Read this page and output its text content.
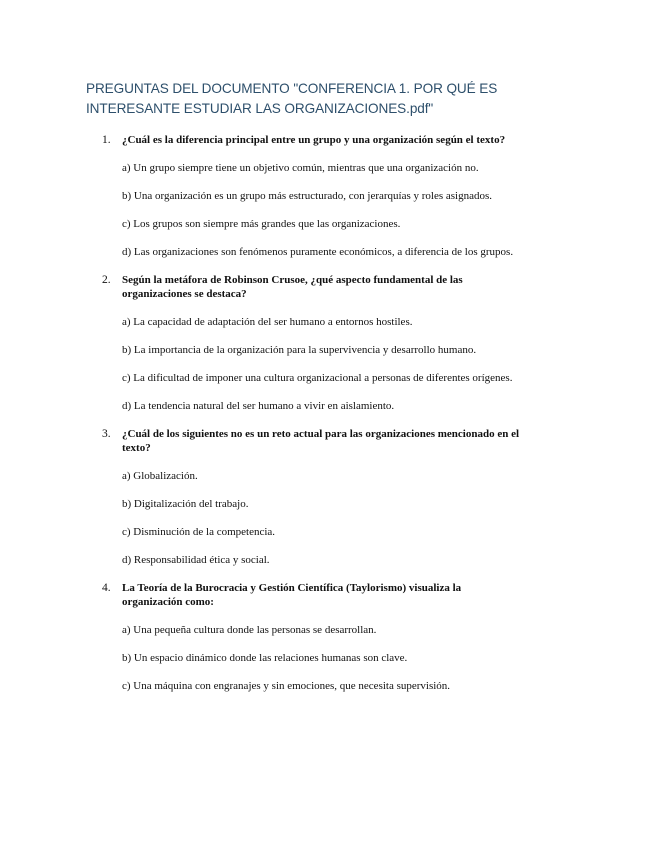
PREGUNTAS DEL DOCUMENTO "CONFERENCIA 1. POR QUÉ ES INTERESANTE ESTUDIAR LAS ORGANIZACIONES.pdf"
1. ¿Cuál es la diferencia principal entre un grupo y una organización según el texto?
a) Un grupo siempre tiene un objetivo común, mientras que una organización no.
b) Una organización es un grupo más estructurado, con jerarquías y roles asignados.
c) Los grupos son siempre más grandes que las organizaciones.
d) Las organizaciones son fenómenos puramente económicos, a diferencia de los grupos.
2. Según la metáfora de Robinson Crusoe, ¿qué aspecto fundamental de las organizaciones se destaca?
a) La capacidad de adaptación del ser humano a entornos hostiles.
b) La importancia de la organización para la supervivencia y desarrollo humano.
c) La dificultad de imponer una cultura organizacional a personas de diferentes orígenes.
d) La tendencia natural del ser humano a vivir en aislamiento.
3. ¿Cuál de los siguientes no es un reto actual para las organizaciones mencionado en el texto?
a) Globalización.
b) Digitalización del trabajo.
c) Disminución de la competencia.
d) Responsabilidad ética y social.
4. La Teoría de la Burocracia y Gestión Científica (Taylorismo) visualiza la organización como:
a) Una pequeña cultura donde las personas se desarrollan.
b) Un espacio dinámico donde las relaciones humanas son clave.
c) Una máquina con engranajes y sin emociones, que necesita supervisión.
